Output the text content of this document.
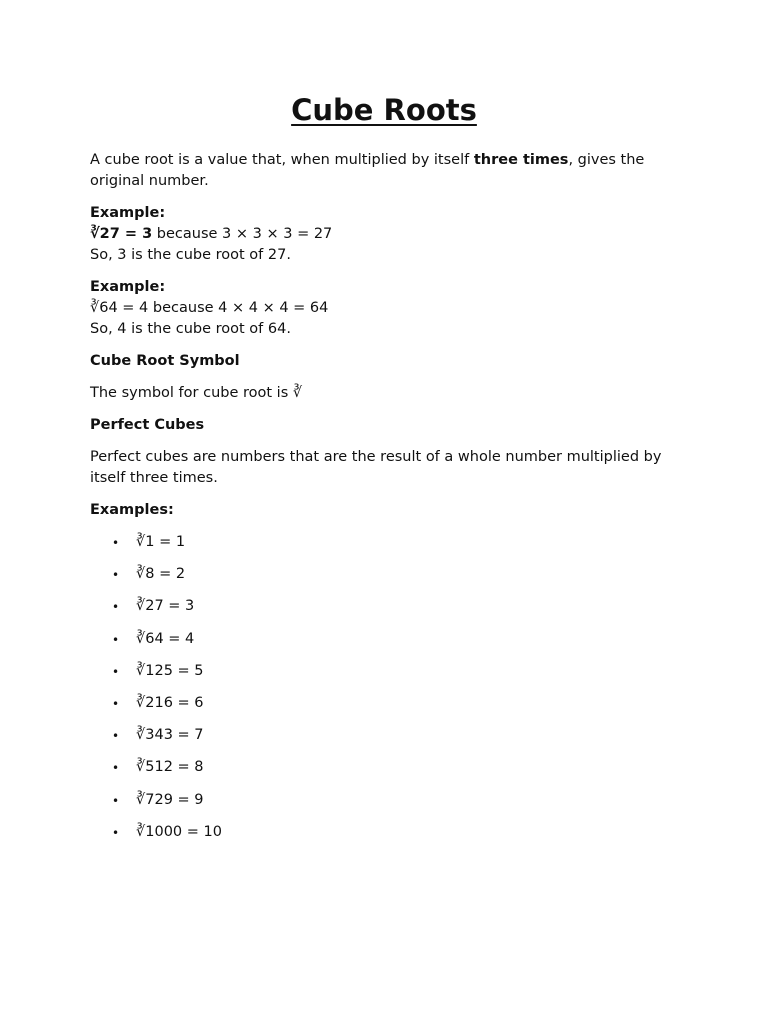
Cube Roots

A cube root is a value that, when multiplied by itself three times, gives the original number.

Example:
∛27 = 3 because 3 × 3 × 3 = 27
So, 3 is the cube root of 27.
Example:
∛64 = 4 because 4 × 4 × 4 = 64
So, 4 is the cube root of 64.
Cube Root Symbol

The symbol for cube root is ∛

Perfect Cubes

Perfect cubes are numbers that are the result of a whole number multiplied by itself three times.

Examples:
• ∛1 = 1
• ∛8 = 2
• ∛27 = 3
• ∛64 = 4
• ∛125 = 5
• ∛216 = 6
• ∛343 = 7
• ∛512 = 8
• ∛729 = 9
• ∛1000 = 10
